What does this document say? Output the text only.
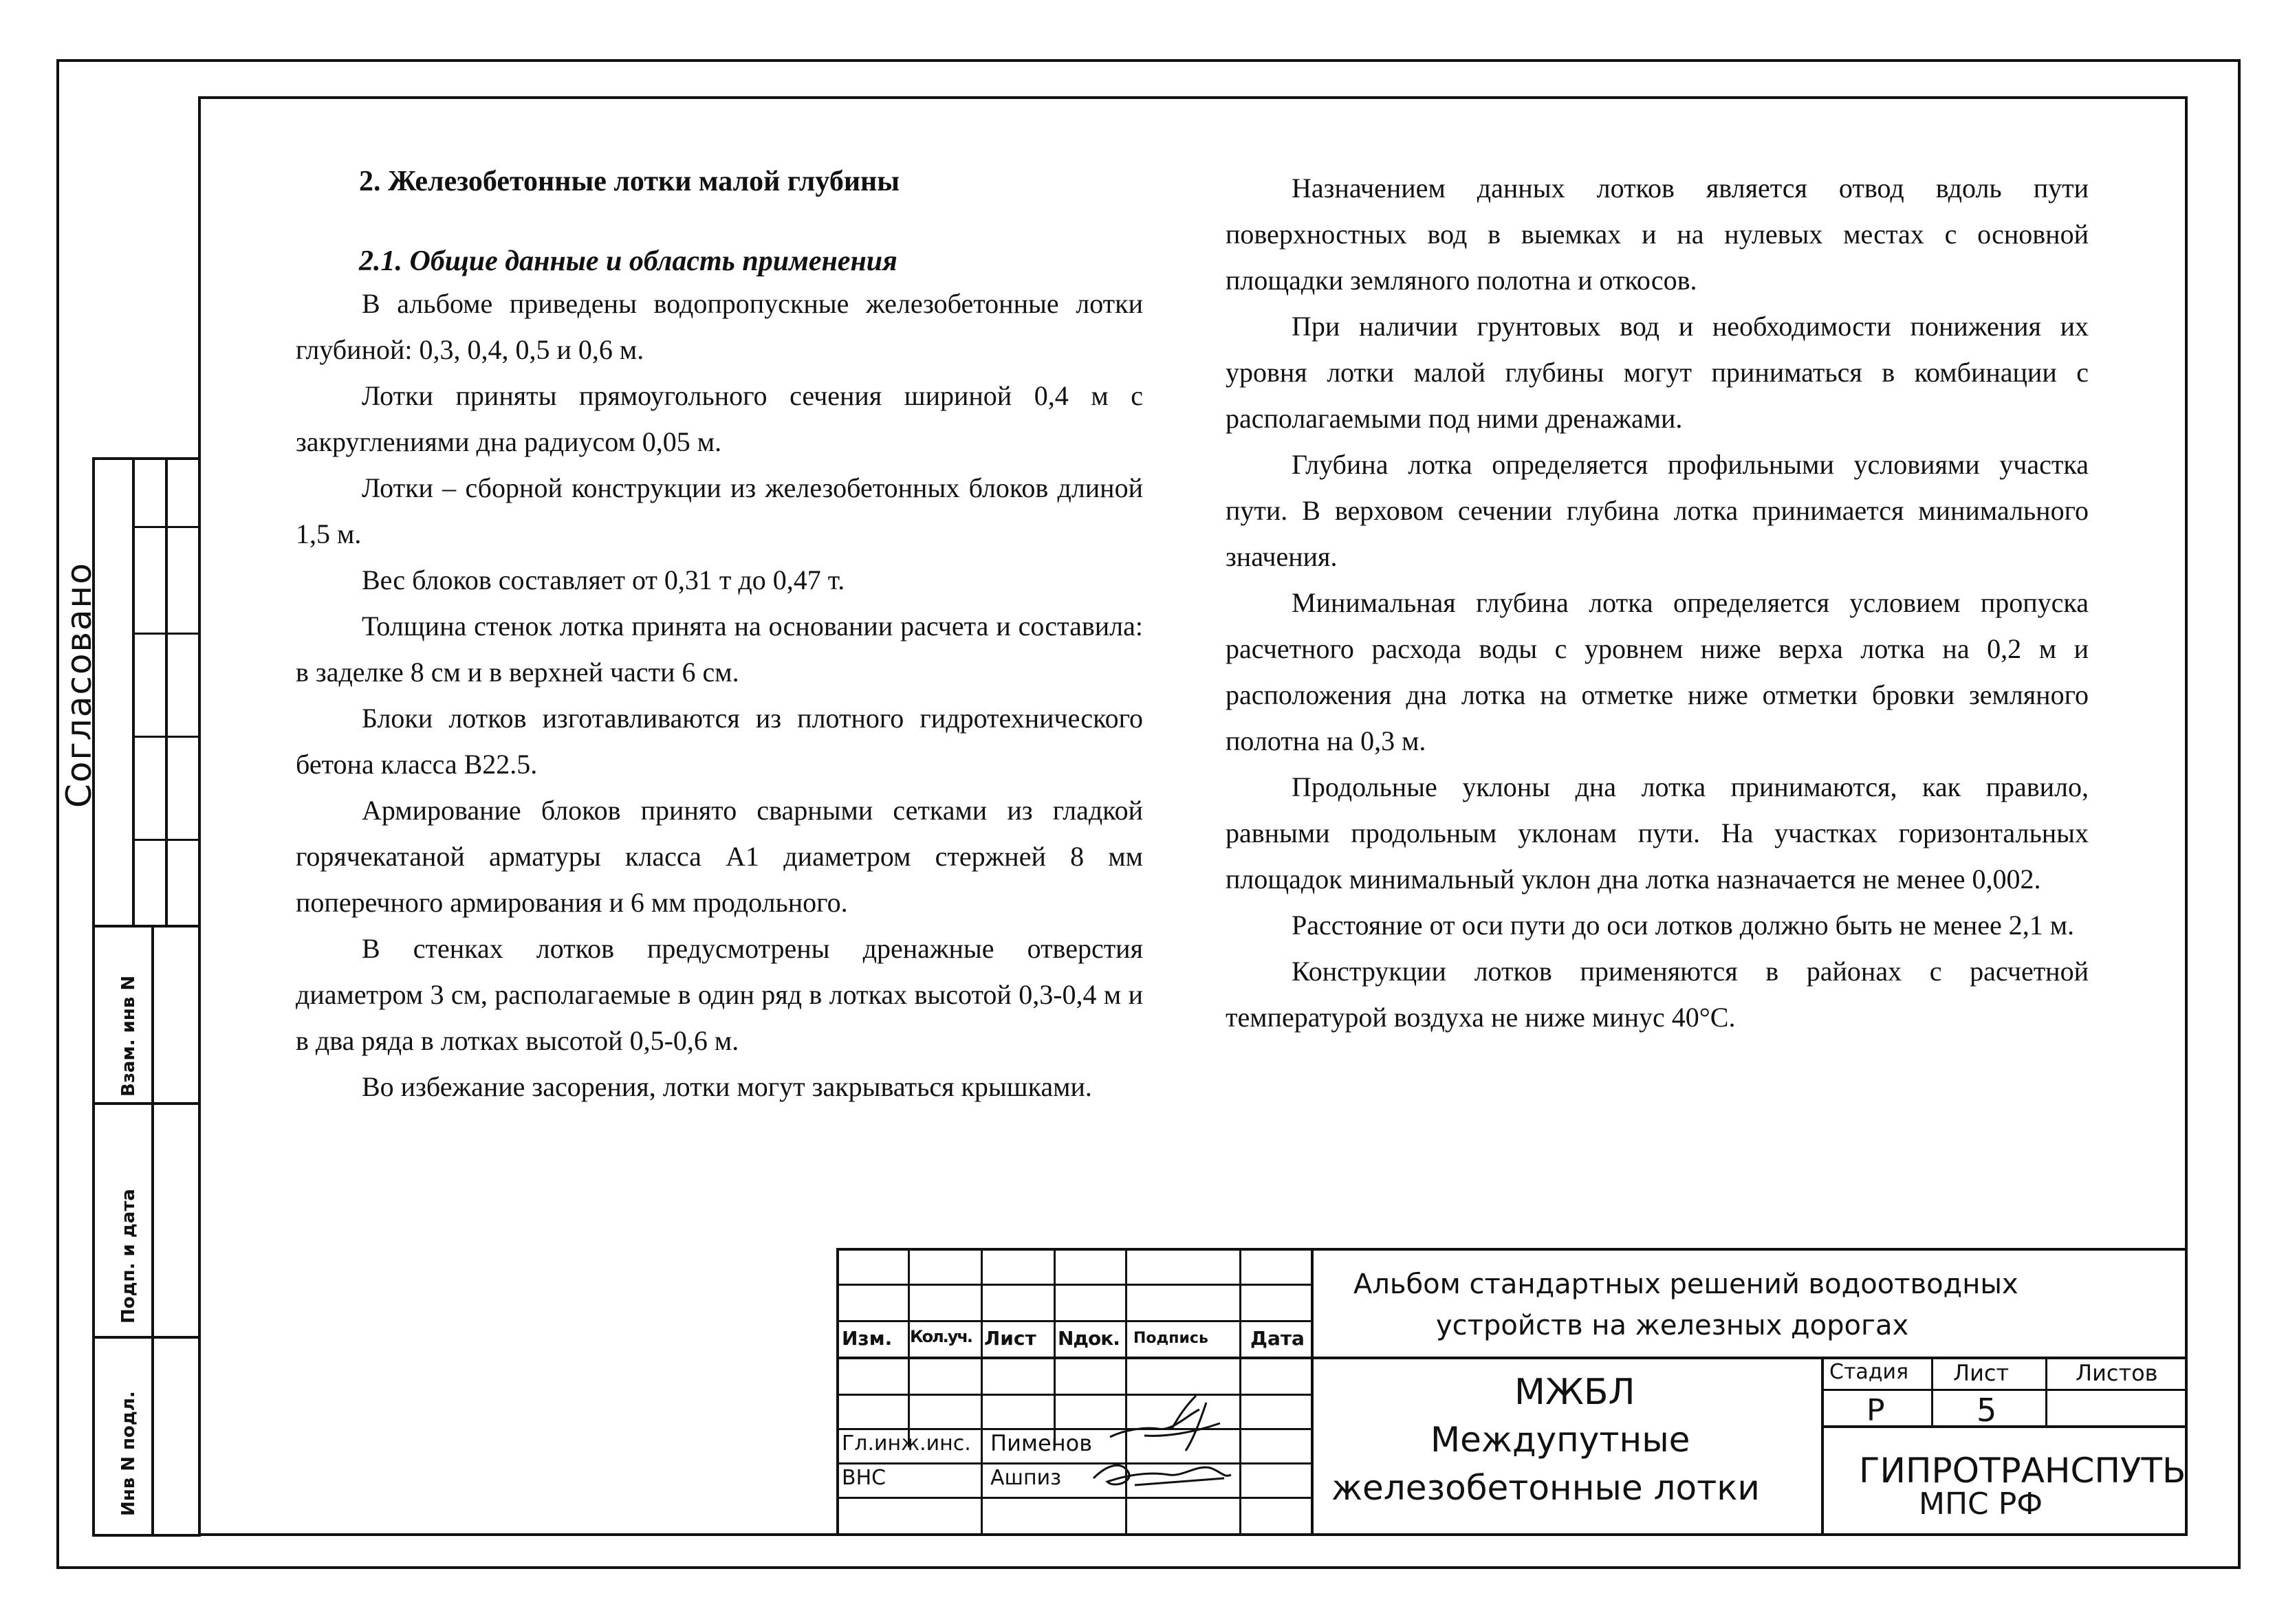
Согласовано
Взам. инв N
Подп. и дата
Инв N подл.
2. Железобетонные лотки малой глубины
2.1. Общие данные и область применения

В альбоме приведены водопропускные железобетонные лотки глубиной: 0,3, 0,4, 0,5 и 0,6 м.

Лотки приняты прямоугольного сечения шириной 0,4 м с закруглениями дна радиусом 0,05 м.

Лотки – сборной конструкции из железобетонных блоков длиной 1,5 м.

Вес блоков составляет от 0,31 т до 0,47 т.

Толщина стенок лотка принята на основании расчета и составила: в заделке 8 см и в верхней части 6 см.

Блоки лотков изготавливаются из плотного гидротехнического бетона класса В22.5.

Армирование блоков принято сварными сетками из гладкой горячекатаной арматуры класса А1 диаметром стержней 8 мм поперечного армирования и 6 мм продольного.

В стенках лотков предусмотрены дренажные отверстия диаметром 3 см, располагаемые в один ряд в лотках высотой 0,3-0,4 м и в два ряда в лотках высотой 0,5-0,6 м.

Во избежание засорения, лотки могут закрываться крышками.

Назначением данных лотков является отвод вдоль пути поверхностных вод в выемках и на нулевых местах с основной площадки земляного полотна и откосов.

При наличии грунтовых вод и необходимости понижения их уровня лотки малой глубины могут приниматься в комбинации с располагаемыми под ними дренажами.

Глубина лотка определяется профильными условиями участка пути. В верховом сечении глубина лотка принимается минимального значения.

Минимальная глубина лотка определяется условием пропуска расчетного расхода воды с уровнем ниже верха лотка на 0,2 м и расположения дна лотка на отметке ниже отметки бровки земляного полотна на 0,3 м.

Продольные уклоны дна лотка принимаются, как правило, равными продольным уклонам пути. На участках горизонтальных площадок минимальный уклон дна лотка назначается не менее 0,002.

Расстояние от оси пути до оси лотков должно быть не менее 2,1 м.

Конструкции лотков применяются в районах с расчетной температурой воздуха не ниже минус 40°С.

Изм. Кол.уч. Лист Nдок. Подпись Дата
Гл.инж.инс. Пименов
ВНС	Ашпиз
Альбом стандартных решений водоотводных
устройств на железных дорогах
МЖБЛ
Междупутные
железобетонные лотки
Стадия Лист	Листов
Р	5
ГИПРОТРАНСПУТЬ
МПС РФ
